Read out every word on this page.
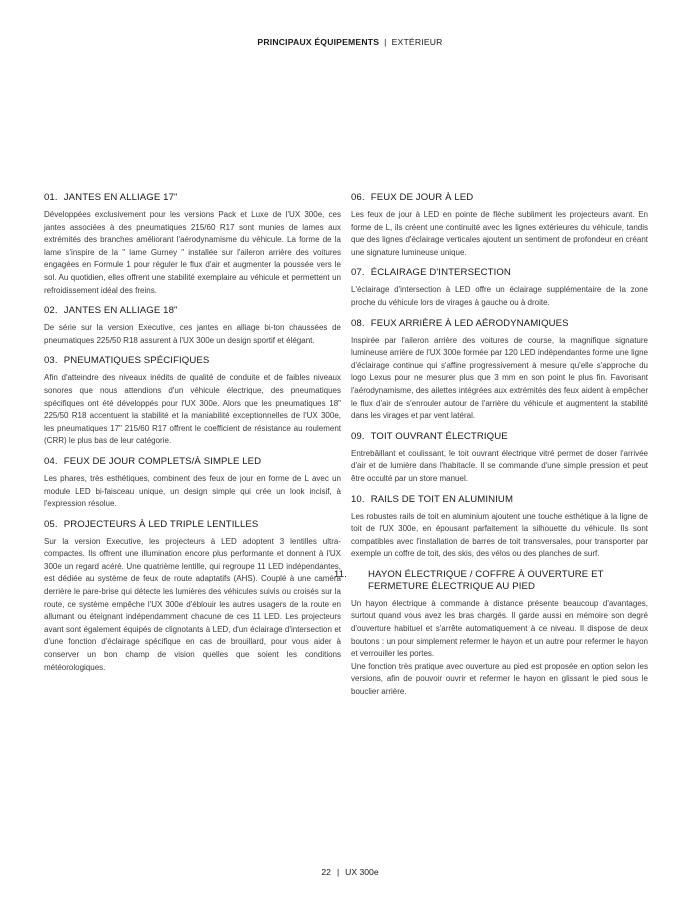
PRINCIPAUX ÉQUIPEMENTS | EXTÉRIEUR
01. JANTES EN ALLIAGE 17"

Développées exclusivement pour les versions Pack et Luxe de l'UX 300e, ces jantes associées à des pneumatiques 215/60 R17 sont munies de lames aux extrémités des branches améliorant l'aérodynamisme du véhicule. La forme de la lame s'inspire de la " lame Gurney " installée sur l'aileron arrière des voitures engagées en Formule 1 pour réguler le flux d'air et augmenter la poussée vers le sol. Au quotidien, elles offrent une stabilité exemplaire au véhicule et permettent un refroidissement idéal des freins.

02. JANTES EN ALLIAGE 18"

De série sur la version Executive, ces jantes en alliage bi-ton chaussées de pneumatiques 225/50 R18 assurent à l'UX 300e un design sportif et élégant.

03. PNEUMATIQUES SPÉCIFIQUES

Afin d'atteindre des niveaux inédits de qualité de conduite et de faibles niveaux sonores que nous attendions d'un véhicule électrique, des pneumatiques spécifiques ont été développés pour l'UX 300e. Alors que les pneumatiques 18" 225/50 R18 accentuent la stabilité et la maniabilité exceptionnelles de l'UX 300e, les pneumatiques 17" 215/60 R17 offrent le coefficient de résistance au roulement (CRR) le plus bas de leur catégorie.

04. FEUX DE JOUR COMPLETS/À SIMPLE LED

Les phares, très esthétiques, combinent des feux de jour en forme de L avec un module LED bi-faisceau unique, un design simple qui crée un look incisif, à l'expression résolue.

05. PROJECTEURS À LED TRIPLE LENTILLES

Sur la version Executive, les projecteurs à LED adoptent 3 lentilles ultra-compactes. Ils offrent une illumination encore plus performante et donnent à l'UX 300e un regard acéré. Une quatrième lentille, qui regroupe 11 LED indépendantes, est dédiée au système de feux de route adaptatifs (AHS). Couplé à une caméra derrière le pare-brise qui détecte les lumières des véhicules suivis ou croisés sur la route, ce système empêche l'UX 300e d'éblouir les autres usagers de la route en allumant ou éteignant indépendamment chacune de ces 11 LED. Les projecteurs avant sont également équipés de clignotants à LED, d'un éclairage d'intersection et d'une fonction d'éclairage spécifique en cas de brouillard, pour vous aider à conserver un bon champ de vision quelles que soient les conditions météorologiques.

06. FEUX DE JOUR À LED

Les feux de jour à LED en pointe de flèche subliment les projecteurs avant. En forme de L, ils créent une continuité avec les lignes extérieures du véhicule, tandis que des lignes d'éclairage verticales ajoutent un sentiment de profondeur en créant une signature lumineuse unique.

07. ÉCLAIRAGE D'INTERSECTION

L'éclairage d'intersection à LED offre un éclairage supplémentaire de la zone proche du véhicule lors de virages à gauche ou à droite.

08. FEUX ARRIÈRE À LED AÉRODYNAMIQUES

Inspirée par l'aileron arrière des voitures de course, la magnifique signature lumineuse arrière de l'UX 300e formée par 120 LED indépendantes forme une ligne d'éclairage continue qui s'affine progressivement à mesure qu'elle s'approche du logo Lexus pour ne mesurer plus que 3 mm en son point le plus fin. Favorisant l'aérodynamisme, des ailettes intégrées aux extrémités des feux aident à empêcher le flux d'air de s'enrouler autour de l'arrière du véhicule et augmentent la stabilité dans les virages et par vent latéral.

09. TOIT OUVRANT ÉLECTRIQUE

Entrebâillant et coulissant, le toit ouvrant électrique vitré permet de doser l'arrivée d'air et de lumière dans l'habitacle. Il se commande d'une simple pression et peut être occulté par un store manuel.

10. RAILS DE TOIT EN ALUMINIUM

Les robustes rails de toit en aluminium ajoutent une touche esthétique à la ligne de toit de l'UX 300e, en épousant parfaitement la silhouette du véhicule. Ils sont compatibles avec l'installation de barres de toit transversales, pour transporter par exemple un coffre de toit, des skis, des vélos ou des planches de surf.

11. HAYON ÉLECTRIQUE / COFFRE À OUVERTURE ET FERMETURE ÉLECTRIQUE AU PIED

Un hayon électrique à commande à distance présente beaucoup d'avantages, surtout quand vous avez les bras chargés. Il garde aussi en mémoire son degré d'ouverture habituel et s'arrête automatiquement à ce niveau. Il dispose de deux boutons : un pour simplement refermer le hayon et un autre pour refermer le hayon et verrouiller les portes.

Une fonction très pratique avec ouverture au pied est proposée en option selon les versions, afin de pouvoir ouvrir et refermer le hayon en glissant le pied sous le bouclier arrière.

22 | UX 300e
